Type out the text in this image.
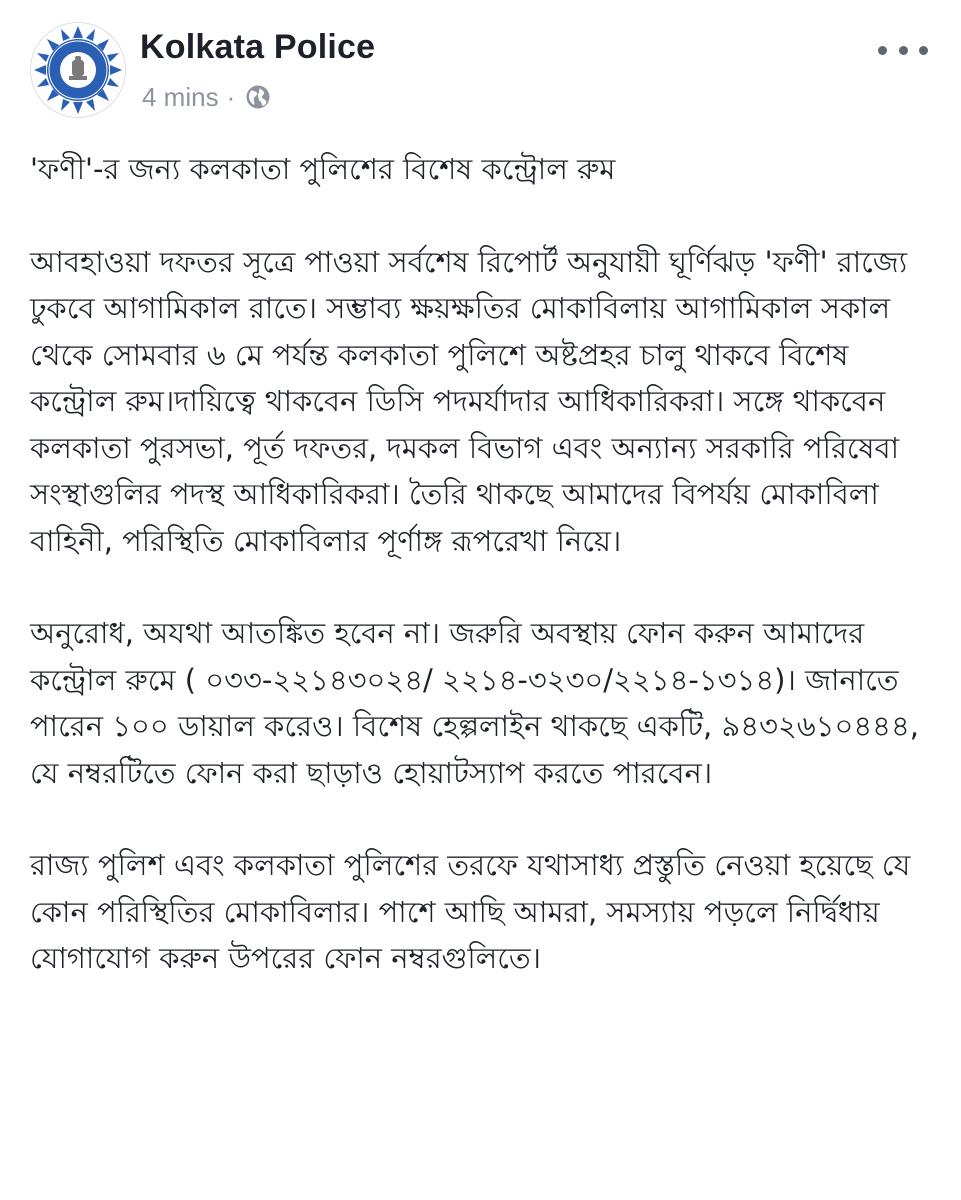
Kolkata Police
4 mins ·

'ফণী'-র জন্য কলকাতা পুলিশের বিশেষ কন্ট্রোল রুম

আবহাওয়া দফতর সূত্রে পাওয়া সর্বশেষ রিপোর্ট অনুযায়ী ঘূর্ণিঝড় 'ফণী' রাজ্যে ঢুকবে আগামিকাল রাতে। সম্ভাব্য ক্ষয়ক্ষতির মোকাবিলায় আগামিকাল সকাল থেকে সোমবার ৬ মে পর্যন্ত কলকাতা পুলিশে অষ্টপ্রহর চালু থাকবে বিশেষ কন্ট্রোল রুম।দায়িত্বে থাকবেন ডিসি পদমর্যাদার আধিকারিকরা। সঙ্গে থাকবেন কলকাতা পুরসভা, পূর্ত দফতর, দমকল বিভাগ এবং অন্যান্য সরকারি পরিষেবা সংস্থাগুলির পদস্থ আধিকারিকরা। তৈরি থাকছে আমাদের বিপর্যয় মোকাবিলা বাহিনী, পরিস্থিতি মোকাবিলার পূর্ণাঙ্গ রূপরেখা নিয়ে।

অনুরোধ, অযথা আতঙ্কিত হবেন না। জরুরি অবস্থায় ফোন করুন আমাদের কন্ট্রোল রুমে ( ০৩৩-২২১৪৩০২৪/ ২২১৪-৩২৩০/২২১৪-১৩১৪)। জানাতে পারেন ১০০ ডায়াল করেও। বিশেষ হেল্পলাইন থাকছে একটি, ৯৪৩২৬১০৪৪৪, যে নম্বরটিতে ফোন করা ছাড়াও হোয়াটস্যাপ করতে পারবেন।

রাজ্য পুলিশ এবং কলকাতা পুলিশের তরফে যথাসাধ্য প্রস্তুতি নেওয়া হয়েছে যে কোন পরিস্থিতির মোকাবিলার। পাশে আছি আমরা, সমস্যায় পড়লে নির্দ্বিধায় যোগাযোগ করুন উপরের ফোন নম্বরগুলিতে।
